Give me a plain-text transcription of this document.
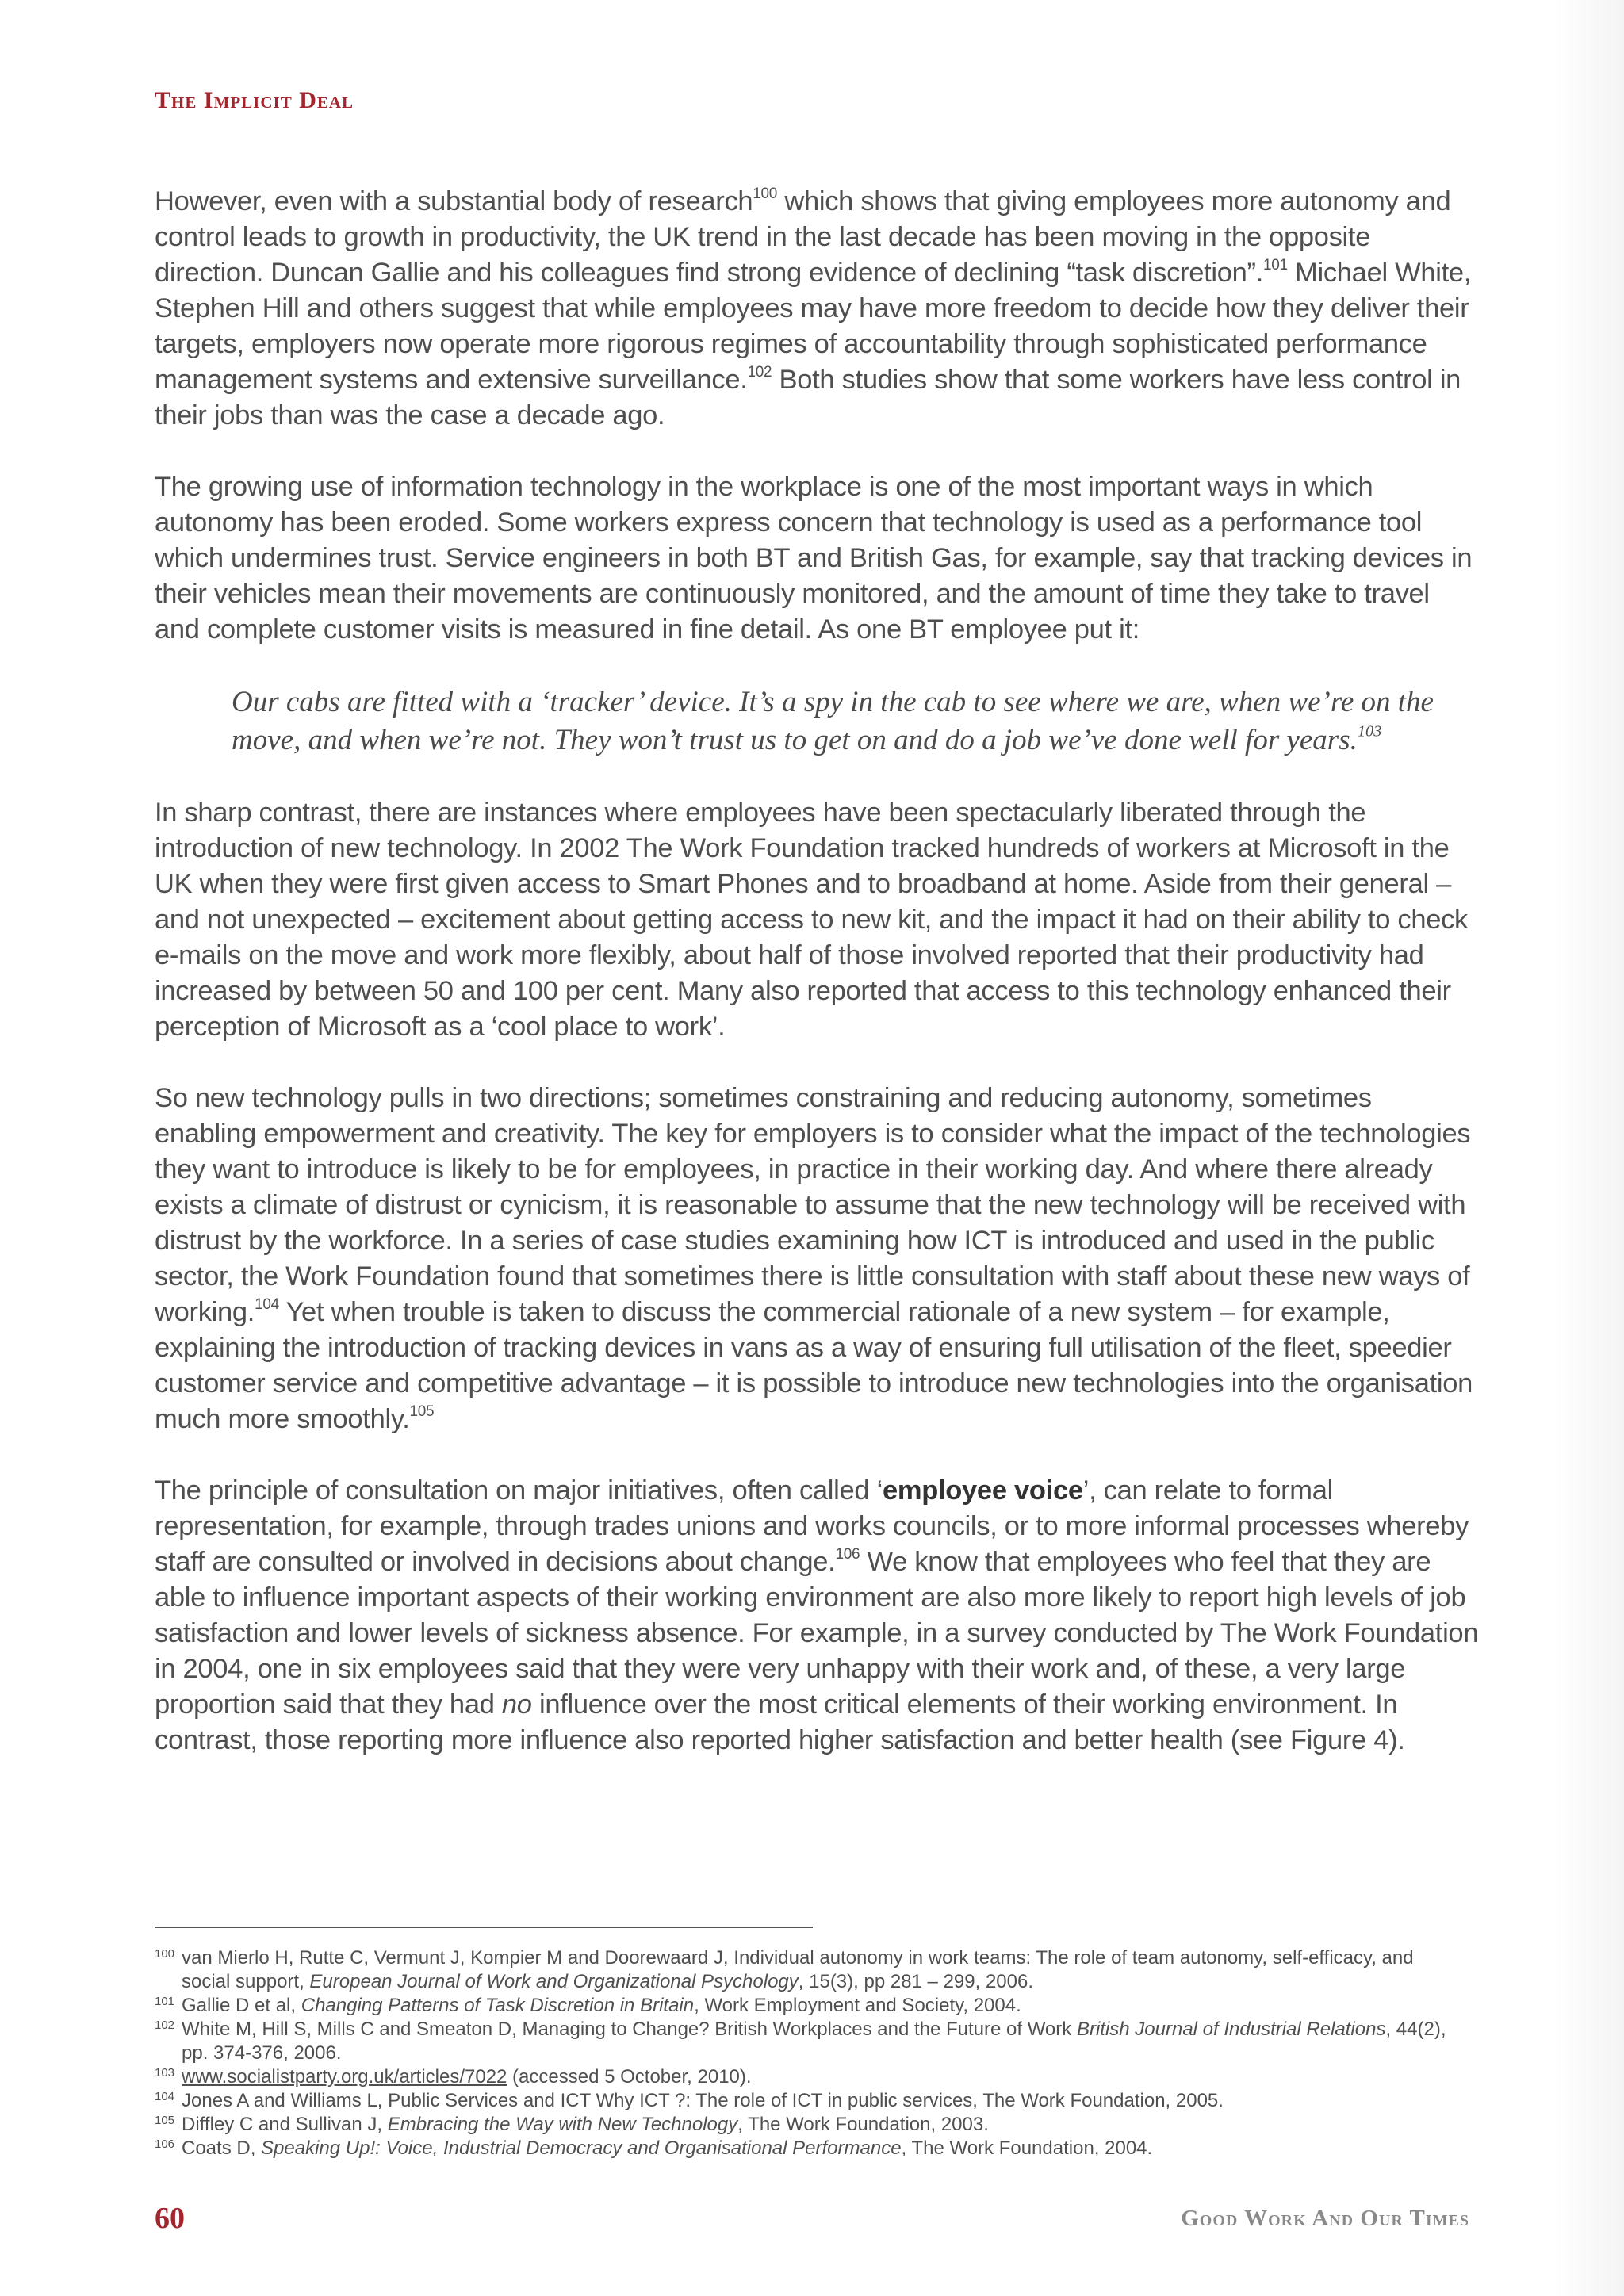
The Implicit Deal

However, even with a substantial body of research$^{100}$ which shows that giving employees more autonomy and control leads to growth in productivity, the UK trend in the last decade has been moving in the opposite direction. Duncan Gallie and his colleagues find strong evidence of declining “task discretion”.$^{101}$ Michael White, Stephen Hill and others suggest that while employees may have more freedom to decide how they deliver their targets, employers now operate more rigorous regimes of accountability through sophisticated performance management systems and extensive surveillance.$^{102}$ Both studies show that some workers have less control in their jobs than was the case a decade ago.

The growing use of information technology in the workplace is one of the most important ways in which autonomy has been eroded. Some workers express concern that technology is used as a performance tool which undermines trust. Service engineers in both BT and British Gas, for example, say that tracking devices in their vehicles mean their movements are continuously monitored, and the amount of time they take to travel and complete customer visits is measured in fine detail. As one BT employee put it:

Our cabs are fitted with a ‘tracker’ device. It’s a spy in the cab to see where we are, when we’re on the move, and when we’re not. They won’t trust us to get on and do a job we’ve done well for years.$^{103}$

In sharp contrast, there are instances where employees have been spectacularly liberated through the introduction of new technology. In 2002 The Work Foundation tracked hundreds of workers at Microsoft in the UK when they were first given access to Smart Phones and to broadband at home. Aside from their general – and not unexpected – excitement about getting access to new kit, and the impact it had on their ability to check e-mails on the move and work more flexibly, about half of those involved reported that their productivity had increased by between 50 and 100 per cent. Many also reported that access to this technology enhanced their perception of Microsoft as a ‘cool place to work’.

So new technology pulls in two directions; sometimes constraining and reducing autonomy, sometimes enabling empowerment and creativity. The key for employers is to consider what the impact of the technologies they want to introduce is likely to be for employees, in practice in their working day. And where there already exists a climate of distrust or cynicism, it is reasonable to assume that the new technology will be received with distrust by the workforce. In a series of case studies examining how ICT is introduced and used in the public sector, the Work Foundation found that sometimes there is little consultation with staff about these new ways of working.$^{104}$ Yet when trouble is taken to discuss the commercial rationale of a new system – for example, explaining the introduction of tracking devices in vans as a way of ensuring full utilisation of the fleet, speedier customer service and competitive advantage – it is possible to introduce new technologies into the organisation much more smoothly.$^{105}$

The principle of consultation on major initiatives, often called ‘employee voice’, can relate to formal representation, for example, through trades unions and works councils, or to more informal processes whereby staff are consulted or involved in decisions about change.$^{106}$ We know that employees who feel that they are able to influence important aspects of their working environment are also more likely to report high levels of job satisfaction and lower levels of sickness absence. For example, in a survey conducted by The Work Foundation in 2004, one in six employees said that they were very unhappy with their work and, of these, a very large proportion said that they had no influence over the most critical elements of their working environment. In contrast, those reporting more influence also reported higher satisfaction and better health (see Figure 4).

100 van Mierlo H, Rutte C, Vermunt J, Kompier M and Doorewaard J, Individual autonomy in work teams: The role of team autonomy, self-efficacy, and social support, European Journal of Work and Organizational Psychology, 15(3), pp 281 – 299, 2006.
101 Gallie D et al, Changing Patterns of Task Discretion in Britain, Work Employment and Society, 2004.
102 White M, Hill S, Mills C and Smeaton D, Managing to Change? British Workplaces and the Future of Work British Journal of Industrial Relations, 44(2), pp. 374-376, 2006.
103 www.socialistparty.org.uk/articles/7022 (accessed 5 October, 2010).
104 Jones A and Williams L, Public Services and ICT Why ICT ?: The role of ICT in public services, The Work Foundation, 2005.
105 Diffley C and Sullivan J, Embracing the Way with New Technology, The Work Foundation, 2003.
106 Coats D, Speaking Up!: Voice, Industrial Democracy and Organisational Performance, The Work Foundation, 2004.
60	Good Work And Our Times
